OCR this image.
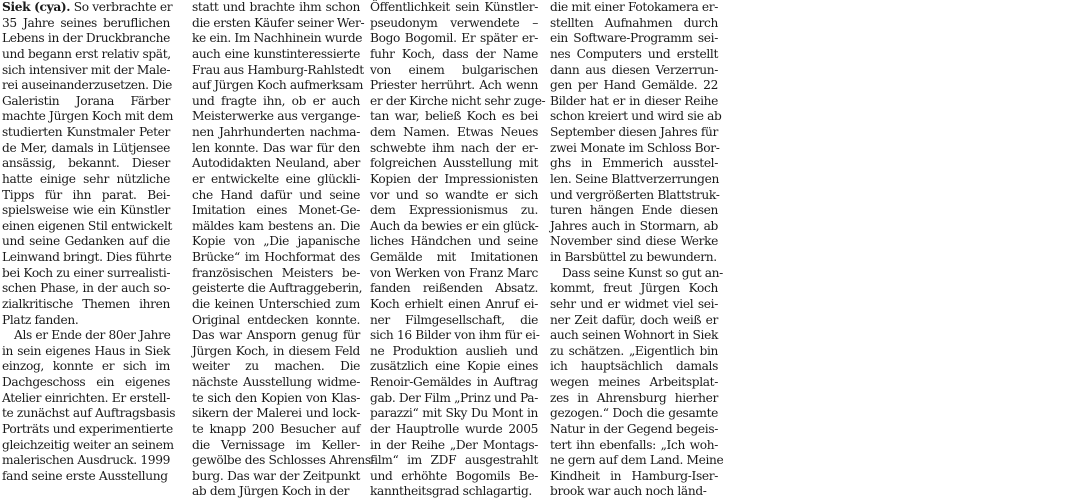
Siek (cya). So verbrachte er
35 Jahre seines beruflichen
Lebens in der Druckbranche
und begann erst relativ spät,
sich intensiver mit der Male-
rei auseinanderzusetzen. Die
Galeristin Jorana Färber
machte Jürgen Koch mit dem
studierten Kunstmaler Peter
de Mer, damals in Lütjensee
ansässig, bekannt. Dieser
hatte einige sehr nützliche
Tipps für ihn parat. Bei-
spielsweise wie ein Künstler
einen eigenen Stil entwickelt
und seine Gedanken auf die
Leinwand bringt. Dies führte
bei Koch zu einer surrealisti-
schen Phase, in der auch so-
zialkritische Themen ihren
Platz fanden.
Als er Ende der 80er Jahre
in sein eigenes Haus in Siek
einzog, konnte er sich im
Dachgeschoss ein eigenes
Atelier einrichten. Er erstell-
te zunächst auf Auftragsbasis
Porträts und experimentierte
gleichzeitig weiter an seinem
malerischen Ausdruck. 1999
fand seine erste Ausstellung
statt und brachte ihm schon
die ersten Käufer seiner Wer-
ke ein. Im Nachhinein wurde
auch eine kunstinteressierte
Frau aus Hamburg-Rahlstedt
auf Jürgen Koch aufmerksam
und fragte ihn, ob er auch
Meisterwerke aus vergange-
nen Jahrhunderten nachma-
len konnte. Das war für den
Autodidakten Neuland, aber
er entwickelte eine glückli-
che Hand dafür und seine
Imitation eines Monet-Ge-
mäldes kam bestens an. Die
Kopie von „Die japanische
Brücke“ im Hochformat des
französischen Meisters be-
geisterte die Auftraggeberin,
die keinen Unterschied zum
Original entdecken konnte.
Das war Ansporn genug für
Jürgen Koch, in diesem Feld
weiter zu machen. Die
nächste Ausstellung widme-
te sich den Kopien von Klas-
sikern der Malerei und lock-
te knapp 200 Besucher auf
die Vernissage im Keller-
gewölbe des Schlosses Ahrens-
burg. Das war der Zeitpunkt
ab dem Jürgen Koch in der
Öffentlichkeit sein Künstler-
pseudonym verwendete –
Bogo Bogomil. Er später er-
fuhr Koch, dass der Name
von einem bulgarischen
Priester herrührt. Ach wenn
er der Kirche nicht sehr zuge-
tan war, beließ Koch es bei
dem Namen. Etwas Neues
schwebte ihm nach der er-
folgreichen Ausstellung mit
Kopien der Impressionisten
vor und so wandte er sich
dem Expressionismus zu.
Auch da bewies er ein glück-
liches Händchen und seine
Gemälde mit Imitationen
von Werken von Franz Marc
fanden reißenden Absatz.
Koch erhielt einen Anruf ei-
ner Filmgesellschaft, die
sich 16 Bilder von ihm für ei-
ne Produktion auslieh und
zusätzlich eine Kopie eines
Renoir-Gemäldes in Auftrag
gab. Der Film „Prinz und Pa-
parazzi“ mit Sky Du Mont in
der Hauptrolle wurde 2005
in der Reihe „Der Montags-
film“ im ZDF ausgestrahlt
und erhöhte Bogomils Be-
kanntheitsgrad schlagartig.
die mit einer Fotokamera er-
stellten Aufnahmen durch
ein Software-Programm sei-
nes Computers und erstellt
dann aus diesen Verzerrun-
gen per Hand Gemälde. 22
Bilder hat er in dieser Reihe
schon kreiert und wird sie ab
September diesen Jahres für
zwei Monate im Schloss Bor-
ghs in Emmerich ausstel-
len. Seine Blattverzerrungen
und vergrößerten Blattstruk-
turen hängen Ende diesen
Jahres auch in Stormarn, ab
November sind diese Werke
in Barsbüttel zu bewundern.
Dass seine Kunst so gut an-
kommt, freut Jürgen Koch
sehr und er widmet viel sei-
ner Zeit dafür, doch weiß er
auch seinen Wohnort in Siek
zu schätzen. „Eigentlich bin
ich hauptsächlich damals
wegen meines Arbeitsplat-
zes in Ahrensburg hierher
gezogen.“ Doch die gesamte
Natur in der Gegend begeis-
tert ihn ebenfalls: „Ich woh-
ne gern auf dem Land. Meine
Kindheit in Hamburg-Iser-
brook war auch noch länd-
